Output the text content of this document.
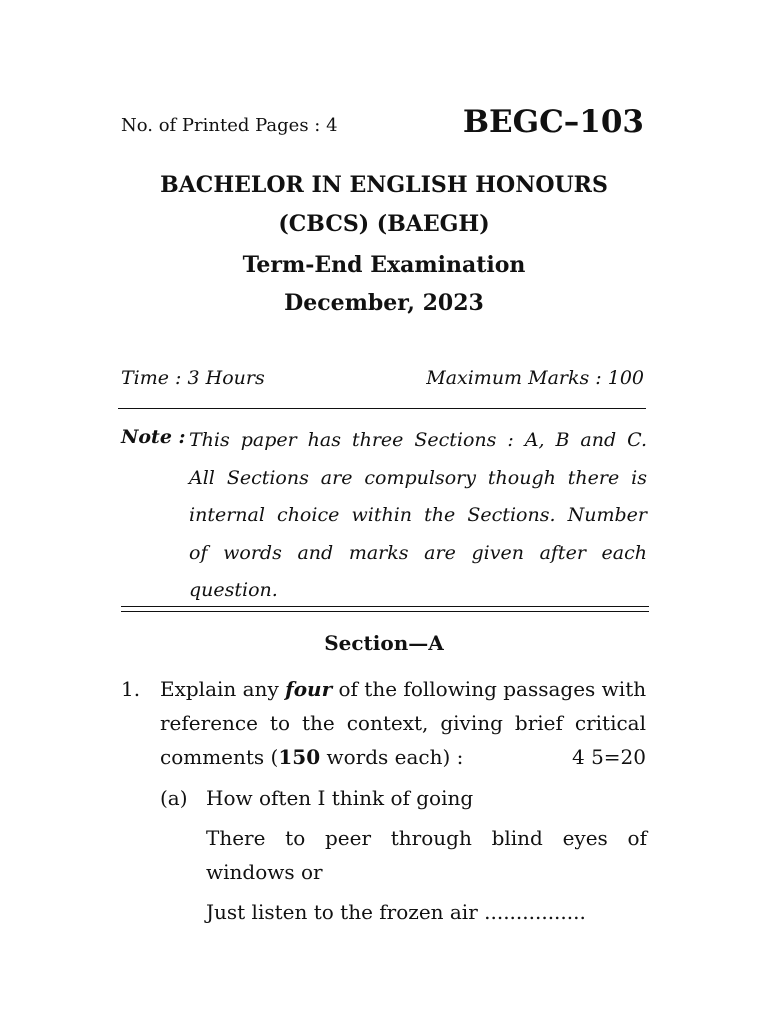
No. of Printed Pages : 4	BEGC–103
BACHELOR IN ENGLISH HONOURS
(CBCS) (BAEGH)
Term-End Examination
December, 2023
Time : 3 Hours	Maximum Marks : 100
Note : This paper has three Sections : A, B and C.
All Sections are compulsory though there is
internal choice within the Sections. Number
of words and marks are given after each
question.
Section—A
1. Explain any four of the following passages with
reference to the context, giving brief critical
comments (150 words each) :	4 5=20
(a) How often I think of going
There to peer through blind eyes of
windows or
Just listen to the frozen air ................
